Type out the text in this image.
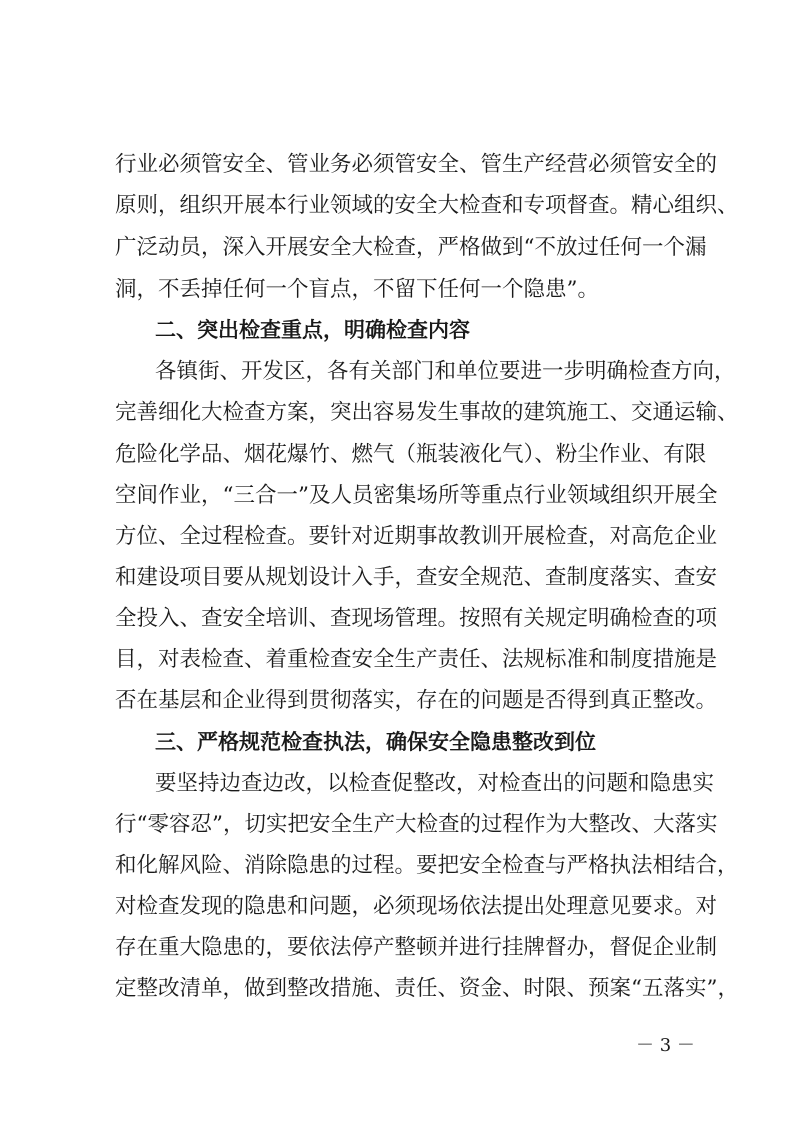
行业必须管安全、管业务必须管安全、管生产经营必须管安全的
原则，组织开展本行业领域的安全大检查和专项督查。精心组织、
广泛动员，深入开展安全大检查，严格做到“不放过任何一个漏
洞，不丢掉任何一个盲点，不留下任何一个隐患”。
二、突出检查重点，明确检查内容
各镇街、开发区，各有关部门和单位要进一步明确检查方向，
完善细化大检查方案，突出容易发生事故的建筑施工、交通运输、
危险化学品、烟花爆竹、燃气（瓶装液化气）、粉尘作业、有限
空间作业，“三合一”及人员密集场所等重点行业领域组织开展全
方位、全过程检查。要针对近期事故教训开展检查，对高危企业
和建设项目要从规划设计入手，查安全规范、查制度落实、查安
全投入、查安全培训、查现场管理。按照有关规定明确检查的项
目，对表检查、着重检查安全生产责任、法规标准和制度措施是
否在基层和企业得到贯彻落实，存在的问题是否得到真正整改。
三、严格规范检查执法，确保安全隐患整改到位
要坚持边查边改，以检查促整改，对检查出的问题和隐患实
行“零容忍”，切实把安全生产大检查的过程作为大整改、大落实
和化解风险、消除隐患的过程。要把安全检查与严格执法相结合，
对检查发现的隐患和问题，必须现场依法提出处理意见要求。对
存在重大隐患的，要依法停产整顿并进行挂牌督办，督促企业制
定整改清单，做到整改措施、责任、资金、时限、预案“五落实”，
－ 3 －
